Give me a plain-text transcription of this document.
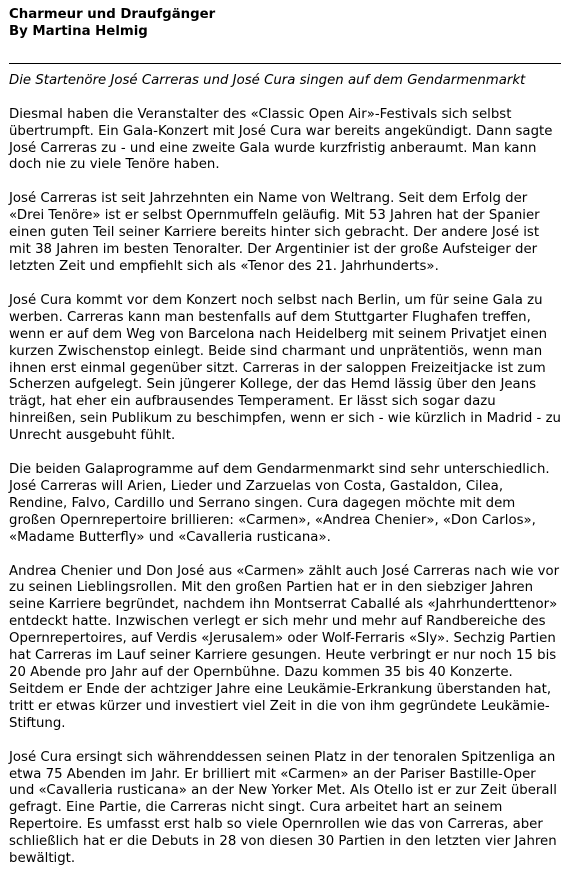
Charmeur und Draufgänger

By Martina Helmig

Die Startenöre José Carreras und José Cura singen auf dem Gendarmenmarkt

Diesmal haben die Veranstalter des «Classic Open Air»-Festivals sich selbst übertrumpft. Ein Gala-Konzert mit José Cura war bereits angekündigt. Dann sagte José Carreras zu - und eine zweite Gala wurde kurzfristig anberaumt. Man kann doch nie zu viele Tenöre haben.

José Carreras ist seit Jahrzehnten ein Name von Weltrang. Seit dem Erfolg der «Drei Tenöre» ist er selbst Opernmuffeln geläufig. Mit 53 Jahren hat der Spanier einen guten Teil seiner Karriere bereits hinter sich gebracht. Der andere José ist mit 38 Jahren im besten Tenoralter. Der Argentinier ist der große Aufsteiger der letzten Zeit und empfiehlt sich als «Tenor des 21. Jahrhunderts».

José Cura kommt vor dem Konzert noch selbst nach Berlin, um für seine Gala zu werben. Carreras kann man bestenfalls auf dem Stuttgarter Flughafen treffen, wenn er auf dem Weg von Barcelona nach Heidelberg mit seinem Privatjet einen kurzen Zwischenstop einlegt. Beide sind charmant und unprätentiös, wenn man ihnen erst einmal gegenüber sitzt. Carreras in der saloppen Freizeitjacke ist zum Scherzen aufgelegt. Sein jüngerer Kollege, der das Hemd lässig über den Jeans trägt, hat eher ein aufbrausendes Temperament. Er lässt sich sogar dazu hinreißen, sein Publikum zu beschimpfen, wenn er sich - wie kürzlich in Madrid - zu Unrecht ausgebuht fühlt.

Die beiden Galaprogramme auf dem Gendarmenmarkt sind sehr unterschiedlich. José Carreras will Arien, Lieder und Zarzuelas von Costa, Gastaldon, Cilea, Rendine, Falvo, Cardillo und Serrano singen. Cura dagegen möchte mit dem großen Opernrepertoire brillieren: «Carmen», «Andrea Chenier», «Don Carlos», «Madame Butterfly» und «Cavalleria rusticana».

Andrea Chenier und Don José aus «Carmen» zählt auch José Carreras nach wie vor zu seinen Lieblingsrollen. Mit den großen Partien hat er in den siebziger Jahren seine Karriere begründet, nachdem ihn Montserrat Caballé als «Jahrhunderttenor» entdeckt hatte. Inzwischen verlegt er sich mehr und mehr auf Randbereiche des Opernrepertoires, auf Verdis «Jerusalem» oder Wolf-Ferraris «Sly». Sechzig Partien hat Carreras im Lauf seiner Karriere gesungen. Heute verbringt er nur noch 15 bis 20 Abende pro Jahr auf der Opernbühne. Dazu kommen 35 bis 40 Konzerte. Seitdem er Ende der achtziger Jahre eine Leukämie-Erkrankung überstanden hat, tritt er etwas kürzer und investiert viel Zeit in die von ihm gegründete Leukämie-Stiftung.

José Cura ersingt sich währenddessen seinen Platz in der tenoralen Spitzenliga an etwa 75 Abenden im Jahr. Er brilliert mit «Carmen» an der Pariser Bastille-Oper und «Cavalleria rusticana» an der New Yorker Met. Als Otello ist er zur Zeit überall gefragt. Eine Partie, die Carreras nicht singt. Cura arbeitet hart an seinem Repertoire. Es umfasst erst halb so viele Opernrollen wie das von Carreras, aber schließlich hat er die Debuts in 28 von diesen 30 Partien in den letzten vier Jahren bewältigt.
